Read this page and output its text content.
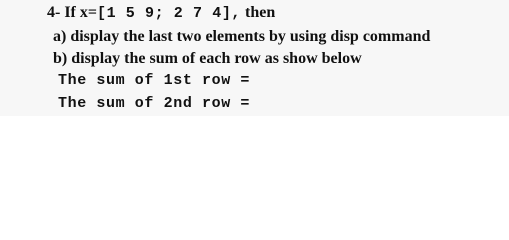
4- If x=[1 5 9; 2 7 4], then
a) display the last two elements by using disp command
b) display the sum of each row as show below
The sum of 1st row =
The sum of 2nd row =
